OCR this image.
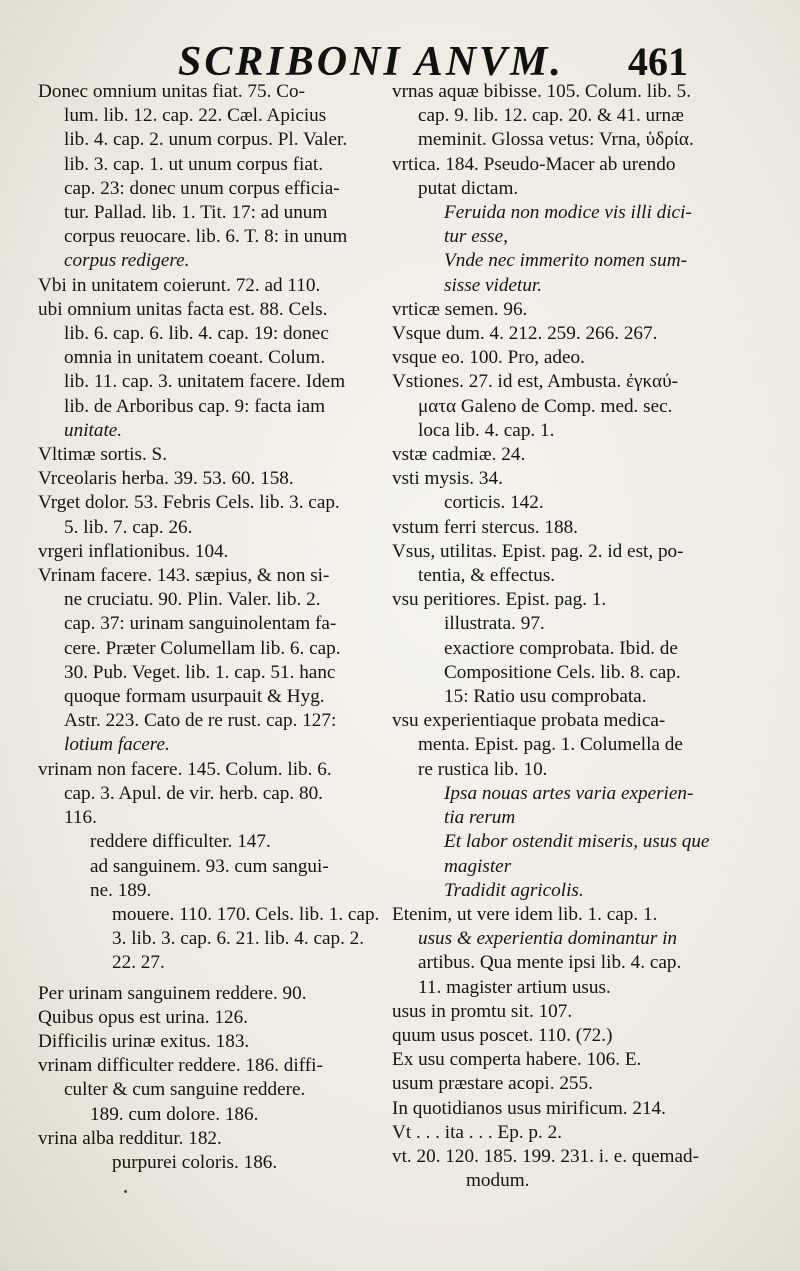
SCRIBONI ANVM. 461
Donec omnium unitas fiat. 75. Co-
lum. lib. 12. cap. 22. Cæl. Apicius
lib. 4. cap. 2. unum corpus. Pl. Valer.
lib. 3. cap. 1. ut unum corpus fiat.
cap. 23: donec unum corpus efficia-
tur. Pallad. lib. 1. Tit. 17: ad unum
corpus reuocare. lib. 6. T. 8: in unum
corpus redigere.
Vbi in unitatem coierunt. 72. ad 110.
ubi omnium unitas facta est. 88. Cels.
lib. 6. cap. 6. lib. 4. cap. 19: donec
omnia in unitatem coeant. Colum.
lib. 11. cap. 3. unitatem facere. Idem
lib. de Arboribus cap. 9: facta iam
unitate.
Vltimæ sortis. S.
Vrceolaris herba. 39. 53. 60. 158.
Vrget dolor. 53. Febris Cels. lib. 3. cap.
5. lib. 7. cap. 26.
vrgeri inflationibus. 104.
Vrinam facere. 143. sæpius, & non si-
ne cruciatu. 90. Plin. Valer. lib. 2.
cap. 37: urinam sanguinolentam fa-
cere. Præter Columellam lib. 6. cap.
30. Pub. Veget. lib. 1. cap. 51. hanc
quoque formam usurpauit & Hyg.
Astr. 223. Cato de re rust. cap. 127:
lotium facere.
vrinam non facere. 145. Colum. lib. 6.
cap. 3. Apul. de vir. herb. cap. 80.
116.
reddere difficulter. 147.
ad sanguinem. 93. cum sangui-
ne. 189.
mouere. 110. 170. Cels. lib. 1. cap.
3. lib. 3. cap. 6. 21. lib. 4. cap. 2.
22. 27.
Per urinam sanguinem reddere. 90.
Quibus opus est urina. 126.
Difficilis urinæ exitus. 183.
vrinam difficulter reddere. 186. diffi-
culter & cum sanguine reddere.
189. cum dolore. 186.
vrina alba redditur. 182.
purpurei coloris. 186.
vrnas aquæ bibisse. 105. Colum. lib. 5.
cap. 9. lib. 12. cap. 20. & 41. urnæ
meminit. Glossa vetus: Vrna, ὑδρία.
vrtica. 184. Pseudo-Macer ab urendo
putat dictam.
Feruida non modice vis illi dici-
tur esse,
Vnde nec immerito nomen sum-
sisse videtur.
vrticæ semen. 96.
Vsque dum. 4. 212. 259. 266. 267.
vsque eo. 100. Pro, adeo.
Vstiones. 27. id est, Ambusta. ἐγκαύ-
ματα Galeno de Comp. med. sec.
loca lib. 4. cap. 1.
vstæ cadmiæ. 24.
vsti mysis. 34.
corticis. 142.
vstum ferri stercus. 188.
Vsus, utilitas. Epist. pag. 2. id est, po-
tentia, & effectus.
vsu peritiores. Epist. pag. 1.
illustrata. 97.
exactiore comprobata. Ibid. de
Compositione Cels. lib. 8. cap.
15: Ratio usu comprobata.
vsu experientiaque probata medica-
menta. Epist. pag. 1. Columella de
re rustica lib. 10.
Ipsa nouas artes varia experien-
tia rerum
Et labor ostendit miseris, usus que
magister
Tradidit agricolis.
Etenim, ut vere idem lib. 1. cap. 1.
usus & experientia dominantur in
artibus. Qua mente ipsi lib. 4. cap.
11. magister artium usus.
usus in promtu sit. 107.
quum usus poscet. 110. (72.)
Ex usu comperta habere. 106. E.
usum præstare acopi. 255.
In quotidianos usus mirificum. 214.
Vt . . . ita . . . Ep. p. 2.
vt. 20. 120. 185. 199. 231. i. e. quemad-
modum.
